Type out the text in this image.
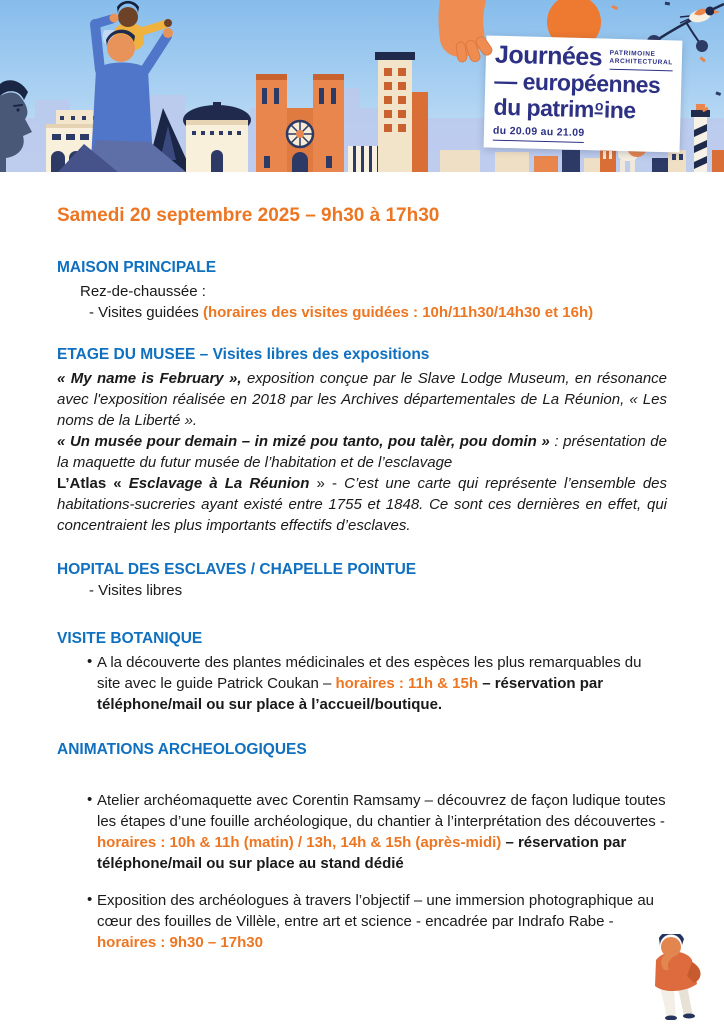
Journées PATRIMOINE
ARCHITECTURAL
— européennes
du patrimoine
du 20.09 au 21.09
Samedi 20 septembre 2025 – 9h30 à 17h30
MAISON PRINCIPALE
Rez-de-chaussée :
- Visites guidées (horaires des visites guidées : 10h/11h30/14h30 et 16h)
ETAGE DU MUSEE – Visites libres des expositions

« My name is February », exposition conçue par le Slave Lodge Museum, en résonance avec l'exposition réalisée en 2018 par les Archives départementales de La Réunion, « Les noms de la Liberté ».

« Un musée pour demain – in mizé pou tanto, pou talèr, pou domin » : présentation de la maquette du futur musée de l’habitation et de l’esclavage

L’Atlas « Esclavage à La Réunion » - C’est une carte qui représente l’ensemble des habitations-sucreries ayant existé entre 1755 et 1848. Ce sont ces dernières en effet, qui concentraient les plus importants effectifs d’esclaves.

HOPITAL DES ESCLAVES / CHAPELLE POINTUE
- Visites libres
VISITE BOTANIQUE
• A la découverte des plantes médicinales et des espèces les plus remarquables du site avec le guide Patrick Coukan – horaires : 11h & 15h – réservation par téléphone/mail ou sur place à l’accueil/boutique.
ANIMATIONS ARCHEOLOGIQUES
• Atelier archéomaquette avec Corentin Ramsamy – découvrez de façon ludique toutes les étapes d’une fouille archéologique, du chantier à l’interprétation des découvertes - horaires : 10h & 11h (matin) / 13h, 14h & 15h (après-midi) – réservation par téléphone/mail ou sur place au stand dédié
• Exposition des archéologues à travers l’objectif – une immersion photographique au cœur des fouilles de Villèle, entre art et science - encadrée par Indrafo Rabe - horaires : 9h30 – 17h30
